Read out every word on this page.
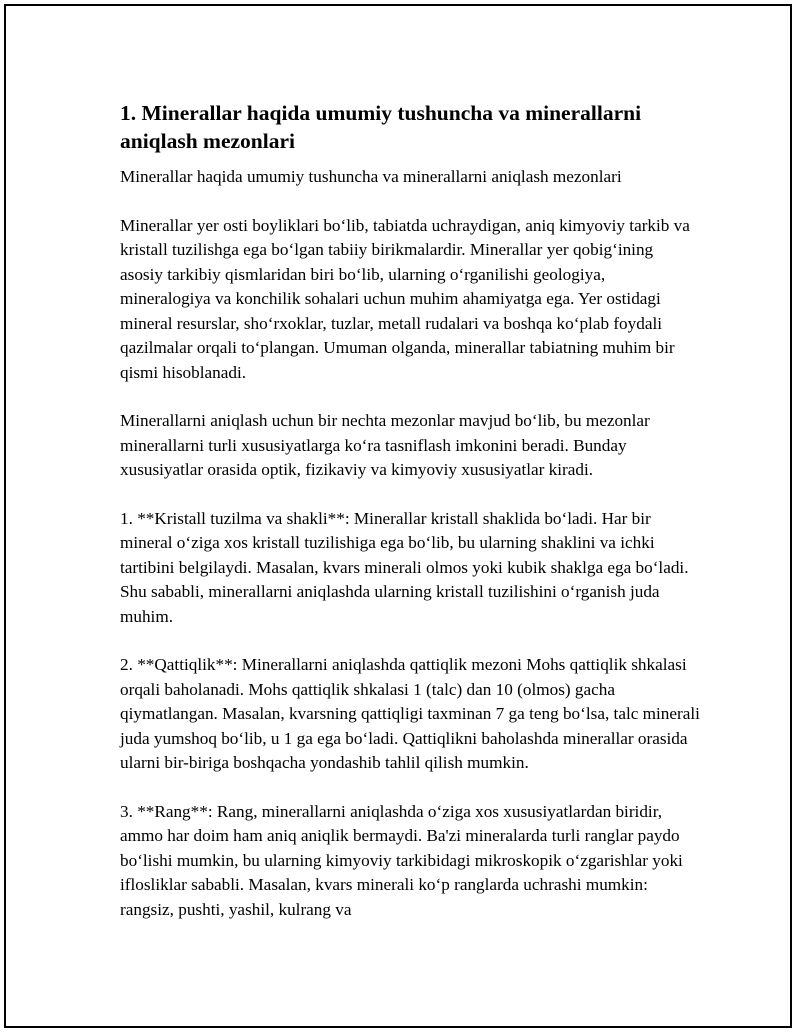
1. Minerallar haqida umumiy tushuncha va minerallarni aniqlash mezonlari

Minerallar haqida umumiy tushuncha va minerallarni aniqlash mezonlari

Minerallar yer osti boyliklari bo‘lib, tabiatda uchraydigan, aniq kimyoviy tarkib va kristall tuzilishga ega bo‘lgan tabiiy birikmalardir. Minerallar yer qobig‘ining asosiy tarkibiy qismlaridan biri bo‘lib, ularning o‘rganilishi geologiya, mineralogiya va konchilik sohalari uchun muhim ahamiyatga ega. Yer ostidagi mineral resurslar, sho‘rxoklar, tuzlar, metall rudalari va boshqa ko‘plab foydali qazilmalar orqali to‘plangan. Umuman olganda, minerallar tabiatning muhim bir qismi hisoblanadi.

Minerallarni aniqlash uchun bir nechta mezonlar mavjud bo‘lib, bu mezonlar minerallarni turli xususiyatlarga ko‘ra tasniflash imkonini beradi. Bunday xususiyatlar orasida optik, fizikaviy va kimyoviy xususiyatlar kiradi.

1. **Kristall tuzilma va shakli**: Minerallar kristall shaklida bo‘ladi. Har bir mineral o‘ziga xos kristall tuzilishiga ega bo‘lib, bu ularning shaklini va ichki tartibini belgilaydi. Masalan, kvars minerali olmos yoki kubik shaklga ega bo‘ladi. Shu sababli, minerallarni aniqlashda ularning kristall tuzilishini o‘rganish juda muhim.

2. **Qattiqlik**: Minerallarni aniqlashda qattiqlik mezoni Mohs qattiqlik shkalasi orqali baholanadi. Mohs qattiqlik shkalasi 1 (talc) dan 10 (olmos) gacha qiymatlangan. Masalan, kvarsning qattiqligi taxminan 7 ga teng bo‘lsa, talc minerali juda yumshoq bo‘lib, u 1 ga ega bo‘ladi. Qattiqlikni baholashda minerallar orasida ularni bir-biriga boshqacha yondashib tahlil qilish mumkin.

3. **Rang**: Rang, minerallarni aniqlashda o‘ziga xos xususiyatlardan biridir, ammo har doim ham aniq aniqlik bermaydi. Ba'zi mineralarda turli ranglar paydo bo‘lishi mumkin, bu ularning kimyoviy tarkibidagi mikroskopik o‘zgarishlar yoki iflosliklar sababli. Masalan, kvars minerali ko‘p ranglarda uchrashi mumkin: rangsiz, pushti, yashil, kulrang va
